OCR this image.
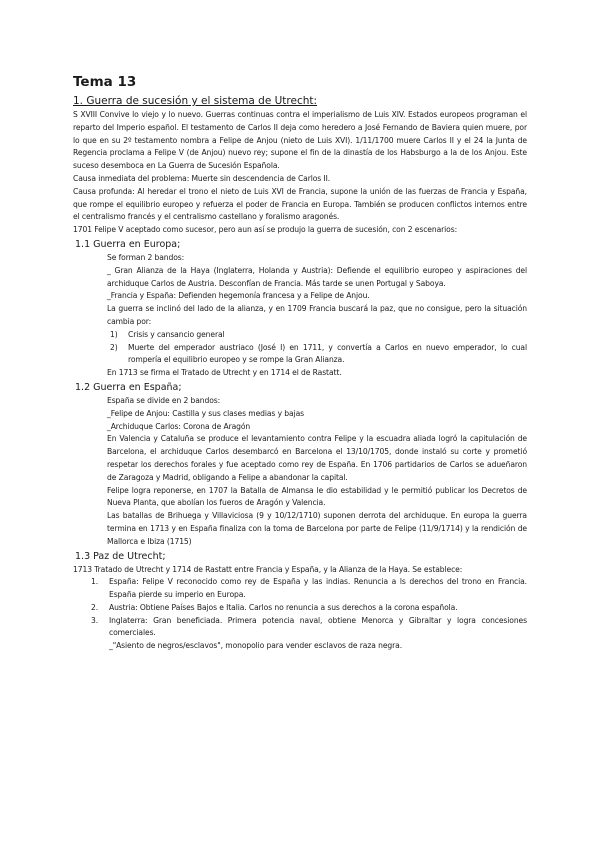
Tema 13
1. Guerra de sucesión y el sistema de Utrecht:

S XVIII Convive lo viejo y lo nuevo. Guerras continuas contra el imperialismo de Luis XIV. Estados europeos programan el reparto del Imperio español. El testamento de Carlos II deja como heredero a José Fernando de Baviera quien muere, por lo que en su 2º testamento nombra a Felipe de Anjou (nieto de Luis XVI). 1/11/1700 muere Carlos II y el 24 la Junta de Regencia proclama a Felipe V (de Anjou) nuevo rey; supone el fin de la dinastía de los Habsburgo a la de los Anjou. Este suceso desemboca en La Guerra de Sucesión Española.

Causa inmediata del problema: Muerte sin descendencia de Carlos II.

Causa profunda: Al heredar el trono el nieto de Luis XVI de Francia, supone la unión de las fuerzas de Francia y España, que rompe el equilibrio europeo y refuerza el poder de Francia en Europa. También se producen conflictos internos entre el centralismo francés y el centralismo castellano y foralismo aragonés.

1701 Felipe V aceptado como sucesor, pero aun así se produjo la guerra de sucesión, con 2 escenarios:

1.1 Guerra en Europa;

Se forman 2 bandos:

_ Gran Alianza de la Haya (Inglaterra, Holanda y Austria): Defiende el equilibrio europeo y aspiraciones del archiduque Carlos de Austria. Desconfían de Francia. Más tarde se unen Portugal y Saboya.

_Francia y España: Defienden hegemonía francesa y a Felipe de Anjou.

La guerra se inclinó del lado de la alianza, y en 1709 Francia buscará la paz, que no consigue, pero la situación cambia por:

1) Crisis y cansancio general
2) Muerte del emperador austriaco (José I) en 1711, y convertía a Carlos en nuevo emperador, lo cual rompería el equilibrio europeo y se rompe la Gran Alianza.

En 1713 se firma el Tratado de Utrecht y en 1714 el de Rastatt.

1.2 Guerra en España;

España se divide en 2 bandos:

_Felipe de Anjou: Castilla y sus clases medias y bajas

_Archiduque Carlos: Corona de Aragón

En Valencia y Cataluña se produce el levantamiento contra Felipe y la escuadra aliada logró la capitulación de Barcelona, el archiduque Carlos desembarcó en Barcelona el 13/10/1705, donde instaló su corte y prometió respetar los derechos forales y fue aceptado como rey de España. En 1706 partidarios de Carlos se adueñaron de Zaragoza y Madrid, obligando a Felipe a abandonar la capital.

Felipe logra reponerse, en 1707 la Batalla de Almansa le dio estabilidad y le permitió publicar los Decretos de Nueva Planta, que abolían los fueros de Aragón y Valencia.

Las batallas de Brihuega y Villaviciosa (9 y 10/12/1710) suponen derrota del archiduque. En europa la guerra termina en 1713 y en España finaliza con la toma de Barcelona por parte de Felipe (11/9/1714) y la rendición de Mallorca e Ibiza (1715)

1.3 Paz de Utrecht;

1713 Tratado de Utrecht y 1714 de Rastatt entre Francia y España, y la Alianza de la Haya. Se establece:

1. España: Felipe V reconocido como rey de España y las indias. Renuncia a ls derechos del trono en Francia. España pierde su imperio en Europa.
2. Austria: Obtiene Países Bajos e Italia. Carlos no renuncia a sus derechos a la corona española.
3. Inglaterra: Gran beneficiada. Primera potencia naval, obtiene Menorca y Gibraltar y logra concesiones comerciales.

_"Asiento de negros/esclavos", monopolio para vender esclavos de raza negra.
